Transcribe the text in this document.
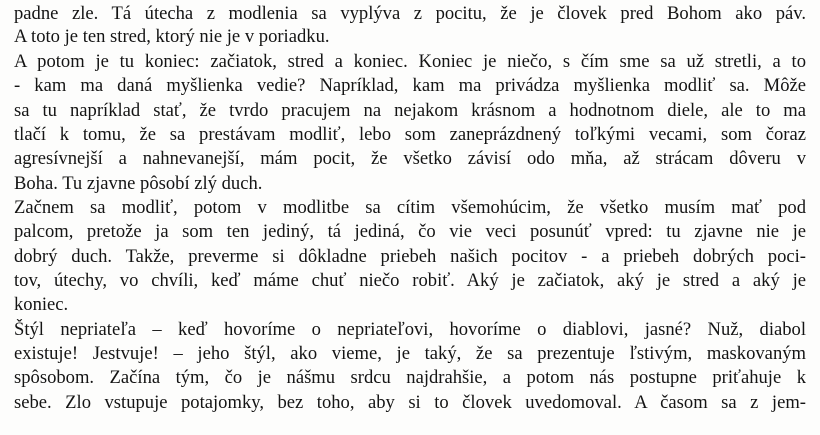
padne zle. Tá útecha z modlenia sa vyplýva z pocitu, že je človek pred Bohom ako páv.

A toto je ten stred, ktorý nie je v poriadku.

A potom je tu koniec: začiatok, stred a koniec. Koniec je niečo, s čím sme sa už stretli, a to

- kam ma daná myšlienka vedie? Napríklad, kam ma privádza myšlienka modliť sa. Môže

sa tu napríklad stať, že tvrdo pracujem na nejakom krásnom a hodnotnom diele, ale to ma

tlačí k tomu, že sa prestávam modliť, lebo som zaneprázdnený toľkými vecami, som čoraz

agresívnejší a nahnevanejší, mám pocit, že všetko závisí odo mňa, až strácam dôveru v

Boha. Tu zjavne pôsobí zlý duch.

Začnem sa modliť, potom v modlitbe sa cítim všemohúcim, že všetko musím mať pod

palcom, pretože ja som ten jediný, tá jediná, čo vie veci posunúť vpred: tu zjavne nie je

dobrý duch. Takže, preverme si dôkladne priebeh našich pocitov - a priebeh dobrých poci-

tov, útechy, vo chvíli, keď máme chuť niečo robiť. Aký je začiatok, aký je stred a aký je

koniec.

Štýl nepriateľa – keď hovoríme o nepriateľovi, hovoríme o diablovi, jasné? Nuž, diabol

existuje! Jestvuje! – jeho štýl, ako vieme, je taký, že sa prezentuje ľstivým, maskovaným

spôsobom. Začína tým, čo je nášmu srdcu najdrahšie, a potom nás postupne priťahuje k

sebe. Zlo vstupuje potajomky, bez toho, aby si to človek uvedomoval. A časom sa z jem-
